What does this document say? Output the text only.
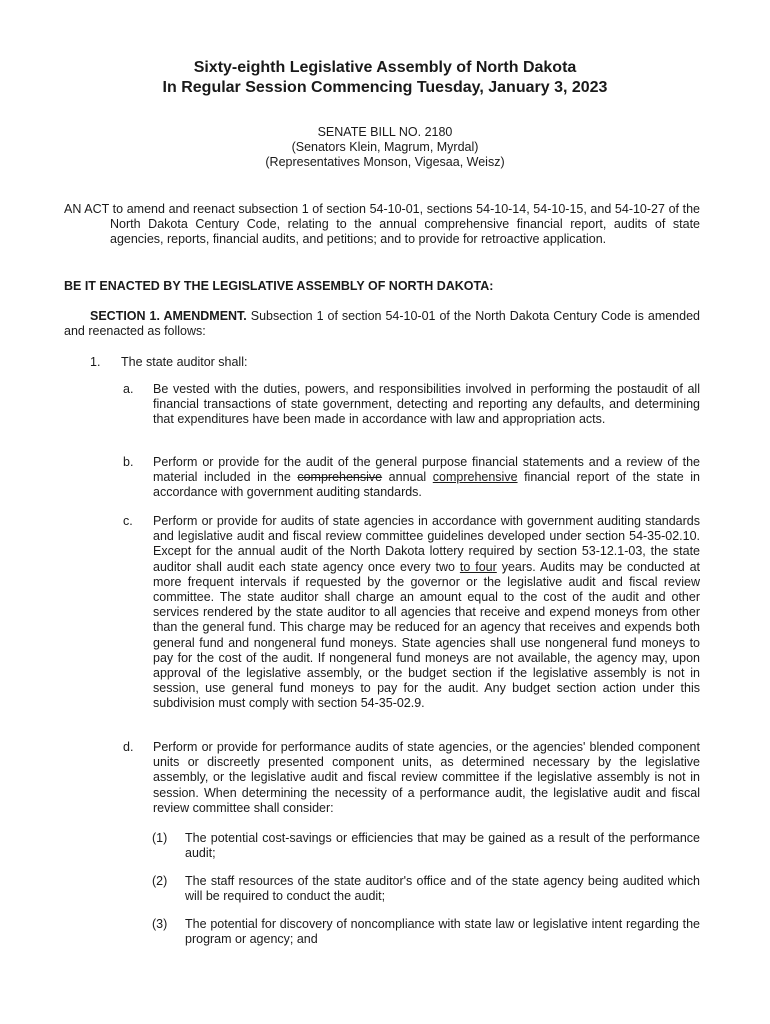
Sixty-eighth Legislative Assembly of North Dakota
In Regular Session Commencing Tuesday, January 3, 2023
SENATE BILL NO. 2180
(Senators Klein, Magrum, Myrdal)
(Representatives Monson, Vigesaa, Weisz)

AN ACT to amend and reenact subsection 1 of section 54-10-01, sections 54-10-14, 54-10-15, and 54-10-27 of the North Dakota Century Code, relating to the annual comprehensive financial report, audits of state agencies, reports, financial audits, and petitions; and to provide for retroactive application.
BE IT ENACTED BY THE LEGISLATIVE ASSEMBLY OF NORTH DAKOTA:
SECTION 1. AMENDMENT. Subsection 1 of section 54-10-01 of the North Dakota Century Code is amended and reenacted as follows:
1. The state auditor shall:
a. Be vested with the duties, powers, and responsibilities involved in performing the postaudit of all financial transactions of state government, detecting and reporting any defaults, and determining that expenditures have been made in accordance with law and appropriation acts.
b. Perform or provide for the audit of the general purpose financial statements and a review of the material included in the comprehensive annual comprehensive financial report of the state in accordance with government auditing standards.
c. Perform or provide for audits of state agencies in accordance with government auditing standards and legislative audit and fiscal review committee guidelines developed under section 54-35-02.10. Except for the annual audit of the North Dakota lottery required by section 53-12.1-03, the state auditor shall audit each state agency once every two to four years. Audits may be conducted at more frequent intervals if requested by the governor or the legislative audit and fiscal review committee. The state auditor shall charge an amount equal to the cost of the audit and other services rendered by the state auditor to all agencies that receive and expend moneys from other than the general fund. This charge may be reduced for an agency that receives and expends both general fund and nongeneral fund moneys. State agencies shall use nongeneral fund moneys to pay for the cost of the audit. If nongeneral fund moneys are not available, the agency may, upon approval of the legislative assembly, or the budget section if the legislative assembly is not in session, use general fund moneys to pay for the audit. Any budget section action under this subdivision must comply with section 54-35-02.9.
d. Perform or provide for performance audits of state agencies, or the agencies' blended component units or discreetly presented component units, as determined necessary by the legislative assembly, or the legislative audit and fiscal review committee if the legislative assembly is not in session. When determining the necessity of a performance audit, the legislative audit and fiscal review committee shall consider:
(1) The potential cost-savings or efficiencies that may be gained as a result of the performance audit;
(2) The staff resources of the state auditor's office and of the state agency being audited which will be required to conduct the audit;
(3) The potential for discovery of noncompliance with state law or legislative intent regarding the program or agency; and
